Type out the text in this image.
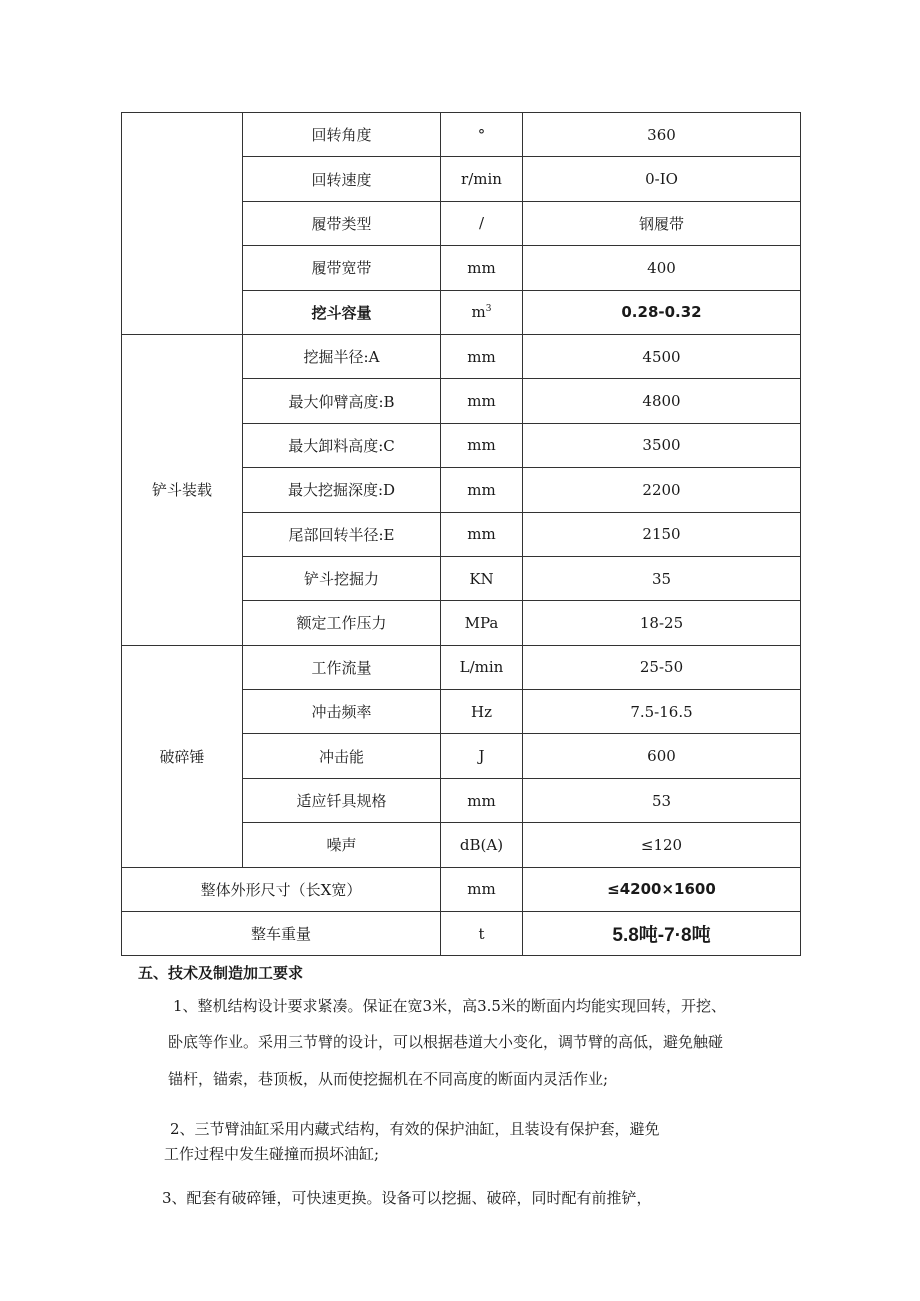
	回转角度	°	360
	回转速度	r/min	0-IO
	履带类型	/	钢履带
	履带宽带	mm	400
	挖斗容量	$m^3$	0.28-0.32
铲斗装载	挖掘半径:A	mm	4500
	最大仰臂高度:B	mm	4800
	最大卸料高度:C	mm	3500
	最大挖掘深度:D	mm	2200
	尾部回转半径:E	mm	2150
	铲斗挖掘力	KN	35
	额定工作压力	MPa	18-25
破碎锤	工作流量	L/min	25-50
	冲击频率	Hz	7.5-16.5
	冲击能	J	600
	适应钎具规格	mm	53
	噪声	dB(A)	≤120
整体外形尺寸（长X宽）		mm	≤4200×1600
整车重量		t	5.8吨-7·8吨

五、技术及制造加工要求

1、整机结构设计要求紧凑。保证在宽3米，高3.5米的断面内均能实现回转，开挖、

卧底等作业。采用三节臂的设计，可以根据巷道大小变化，调节臂的高低，避免触碰

锚杆，锚索，巷顶板，从而使挖掘机在不同高度的断面内灵活作业;

2、三节臂油缸采用内藏式结构，有效的保护油缸，且装设有保护套，避免

工作过程中发生碰撞而损坏油缸;

3、配套有破碎锤，可快速更换。设备可以挖掘、破碎，同时配有前推铲，
